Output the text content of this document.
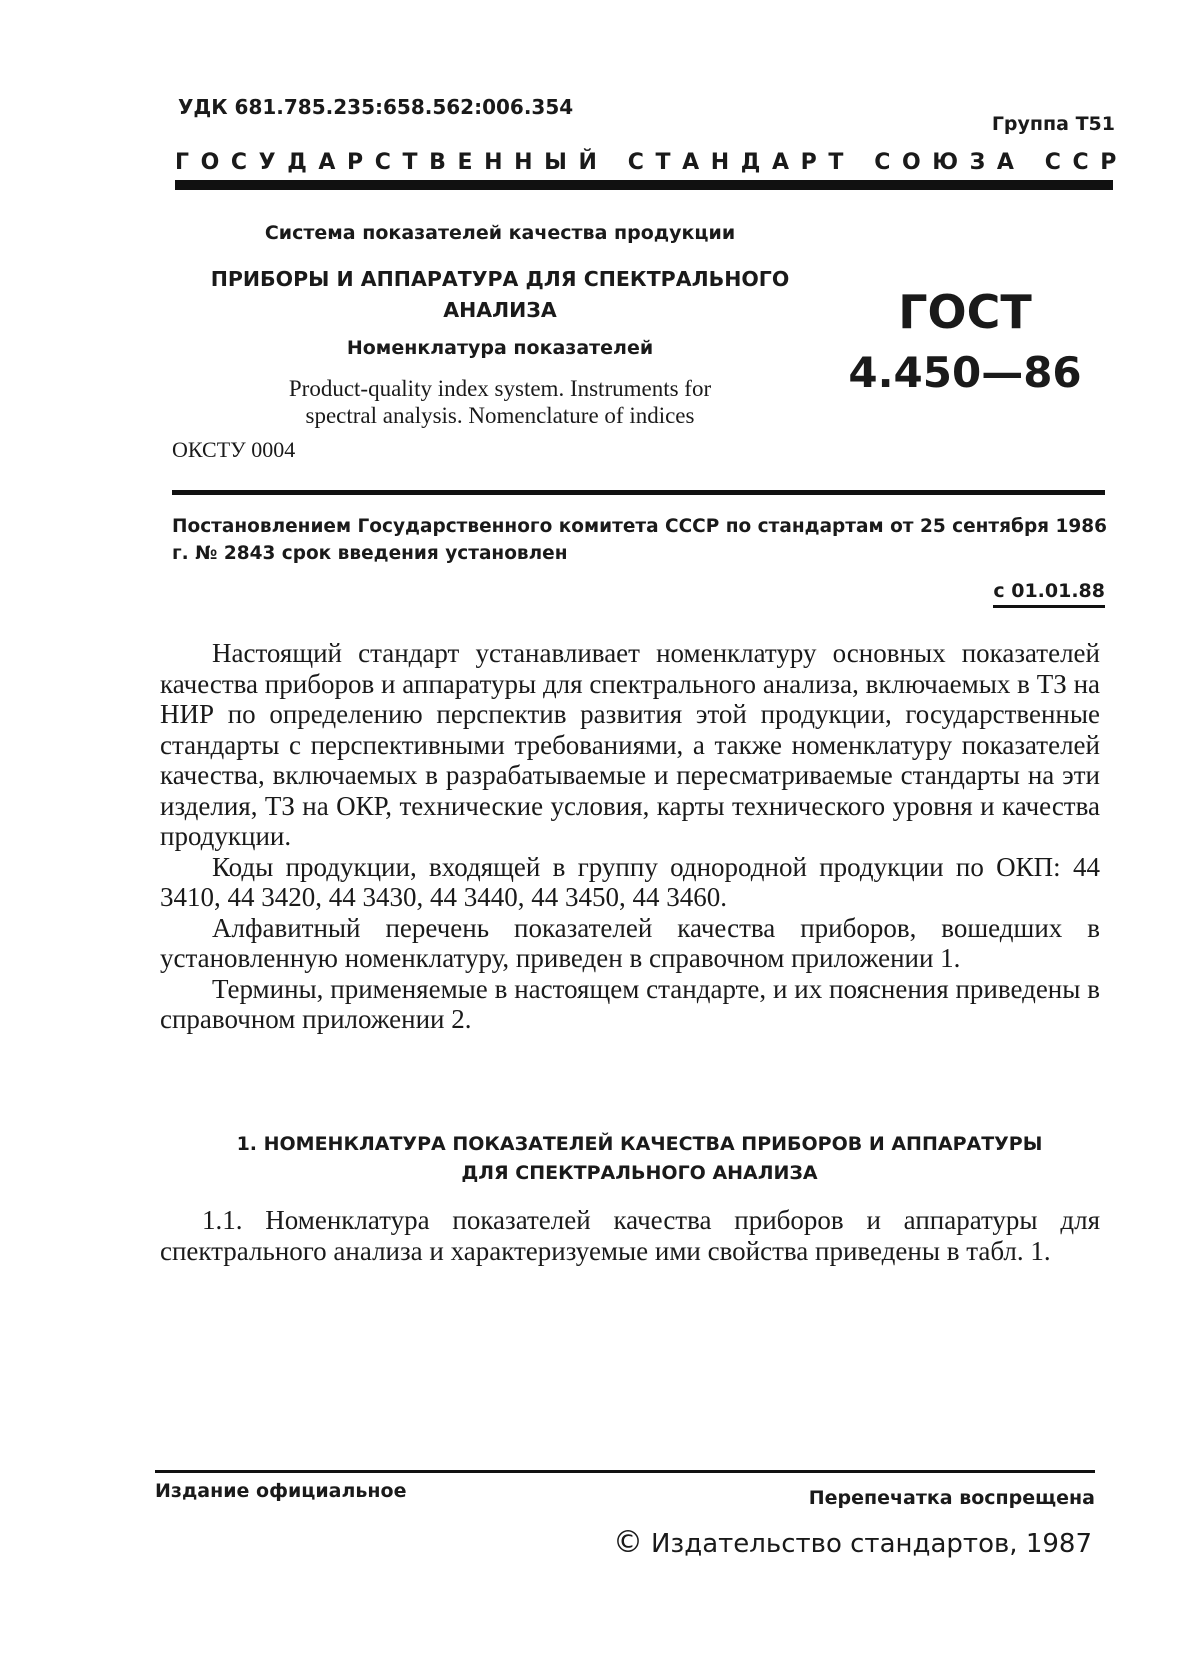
УДК 681.785.235:658.562:006.354
Группа Т51
ГОСУДАРСТВЕННЫЙ СТАНДАРТ СОЮЗА ССР
Система показателей качества продукции
ПРИБОРЫ И АППАРАТУРА ДЛЯ СПЕКТРАЛЬНОГО
АНАЛИЗА
Номенклатура показателей
Product-quality index system. Instruments for
spectral analysis. Nomenclature of indices
ОКСТУ 0004
ГОСТ
4.450—86
Постановлением Государственного комитета СССР по стандартам от 25 сентября 1986 г. № 2843 срок введения установлен
с 01.01.88

Настоящий стандарт устанавливает номенклатуру основных показателей качества приборов и аппаратуры для спектрального анализа, включаемых в ТЗ на НИР по определению перспектив развития этой продукции, государственные стандарты с перспективными требованиями, а также номенклатуру показателей качества, включаемых в разрабатываемые и пересматриваемые стандарты на эти изделия, ТЗ на ОКР, технические условия, карты технического уровня и качества продукции.

Коды продукции, входящей в группу однородной продукции по ОКП: 44 3410, 44 3420, 44 3430, 44 3440, 44 3450, 44 3460.

Алфавитный перечень показателей качества приборов, вошедших в установленную номенклатуру, приведен в справочном приложении 1.

Термины, применяемые в настоящем стандарте, и их пояснения приведены в справочном приложении 2.

1. НОМЕНКЛАТУРА ПОКАЗАТЕЛЕЙ КАЧЕСТВА ПРИБОРОВ И АППАРАТУРЫ
ДЛЯ СПЕКТРАЛЬНОГО АНАЛИЗА

1.1. Номенклатура показателей качества приборов и аппаратуры для спектрального анализа и характеризуемые ими свойства приведены в табл. 1.

Издание официальное	Перепечатка воспрещена
© Издательство стандартов, 1987
